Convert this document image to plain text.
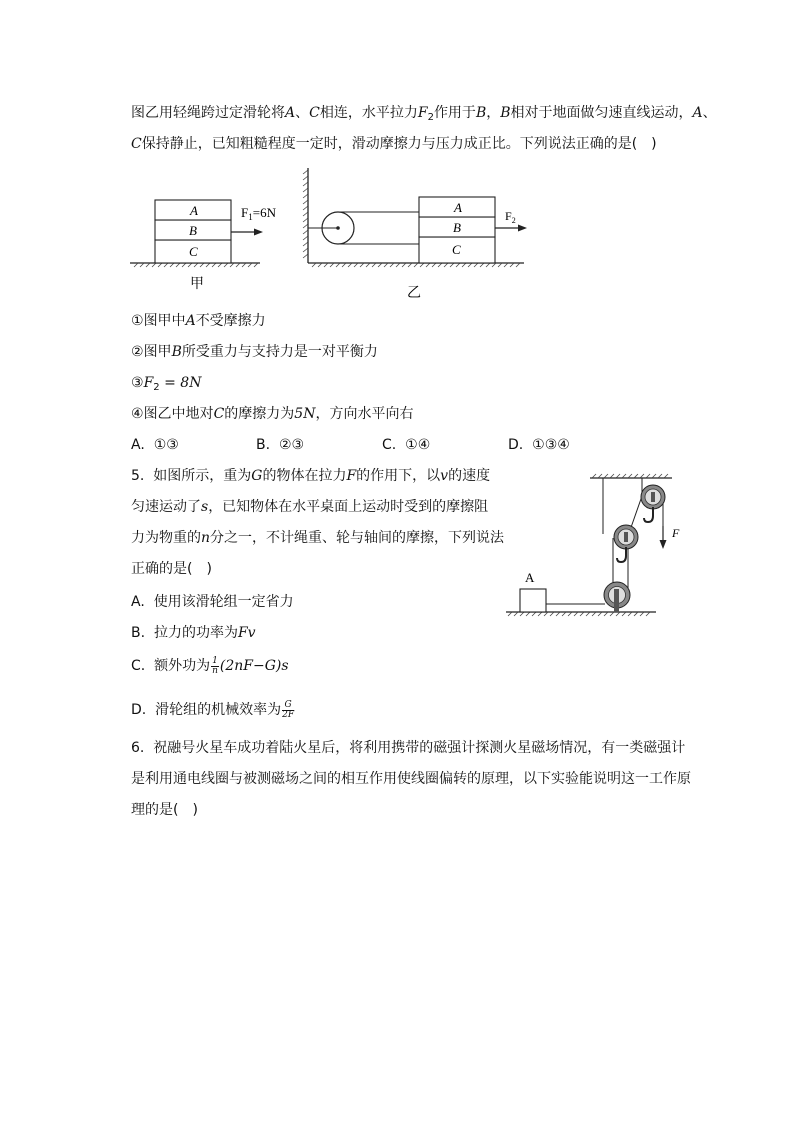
图乙用轻绳跨过定滑轮将A、C相连，水平拉力$F_2$作用于B，B相对于地面做匀速直线运动，A、
C保持静止，已知粗糙程度一定时，滑动摩擦力与压力成正比。下列说法正确的是(　)
A
B
C
$F_1=6N$
甲
A
B
C
$F_2$
乙
①图甲中A不受摩擦力
②图甲B所受重力与支持力是一对平衡力
$③F_2 = 8N$
④图乙中地对C的摩擦力为5N，方向水平向右
A. ①③	B. ②③	C. ①④	D. ①③④
5. 如图所示，重为G的物体在拉力F的作用下，以v的速度
匀速运动了s，已知物体在水平桌面上运动时受到的摩擦阻
力为物重的n分之一，不计绳重、轮与轴间的摩擦，下列说法
正确的是(　)
A. 使用该滑轮组一定省力
B. 拉力的功率为Fv
C. 额外功为 $\frac{1}{n} (2nF-G)s$
D. 滑轮组的机械效率为 $\frac{G}{2F}$
A
F
6. 祝融号火星车成功着陆火星后，将利用携带的磁强计探测火星磁场情况，有一类磁强计
是利用通电线圈与被测磁场之间的相互作用使线圈偏转的原理，以下实验能说明这一工作原
理的是(　)
